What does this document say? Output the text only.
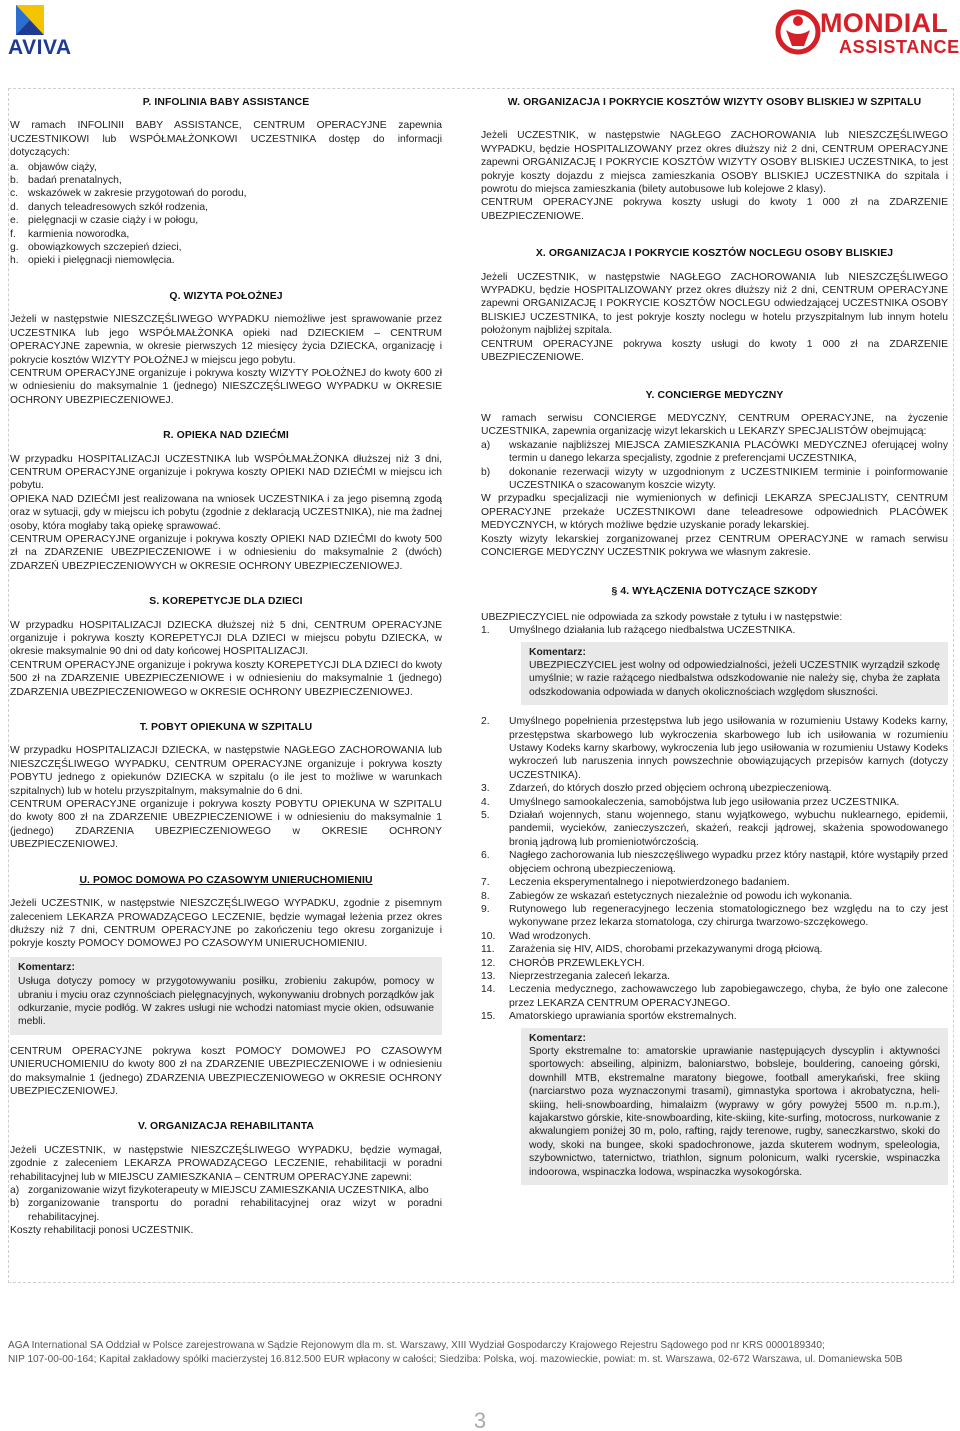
AVIVA
MONDIAL
ASSISTANCE
P. INFOLINIA BABY ASSISTANCE

W ramach INFOLINII BABY ASSISTANCE, CENTRUM OPERACYJNE zapewnia UCZESTNIKOWI lub WSPÓŁMAŁŻONKOWI UCZESTNIKA dostęp do informacji dotyczących:

a. objawów ciąży,
b. badań prenatalnych,
c. wskazówek w zakresie przygotowań do porodu,
d. danych teleadresowych szkół rodzenia,
e. pielęgnacji w czasie ciąży i w połogu,
f.	karmienia noworodka,
g. obowiązkowych szczepień dzieci,
h. opieki i pielęgnacji niemowlęcia.
Q. WIZYTA POŁOŻNEJ

Jeżeli w następstwie NIESZCZĘŚLIWEGO WYPADKU niemożliwe jest sprawowanie przez UCZESTNIKA lub jego WSPÓŁMAŁŻONKA opieki nad DZIECKIEM – CENTRUM OPERACYJNE zapewnia, w okresie pierwszych 12 miesięcy życia DZIECKA, organizację i pokrycie kosztów WIZYTY POŁOŻNEJ w miejscu jego pobytu.

CENTRUM OPERACYJNE organizuje i pokrywa koszty WIZYTY POŁOŻNEJ do kwoty 600 zł w odniesieniu do maksymalnie 1 (jednego) NIESZCZĘŚLIWEGO WYPADKU w OKRESIE OCHRONY UBEZPIECZENIOWEJ.

R. OPIEKA NAD DZIEĆMI

W przypadku HOSPITALIZACJI UCZESTNIKA lub WSPÓŁMAŁŻONKA dłuższej niż 3 dni, CENTRUM OPERACYJNE organizuje i pokrywa koszty OPIEKI NAD DZIEĆMI w miejscu ich pobytu.

OPIEKA NAD DZIEĆMI jest realizowana na wniosek UCZESTNIKA i za jego pisemną zgodą oraz w sytuacji, gdy w miejscu ich pobytu (zgodnie z deklaracją UCZESTNIKA), nie ma żadnej osoby, która mogłaby taką opiekę sprawować.

CENTRUM OPERACYJNE organizuje i pokrywa koszty OPIEKI NAD DZIEĆMI do kwoty 500 zł na ZDARZENIE UBEZPIECZENIOWE i w odniesieniu do maksymalnie 2 (dwóch) ZDARZEŃ UBEZPIECZENIOWYCH w OKRESIE OCHRONY UBEZPIECZENIOWEJ.

S. KOREPETYCJE DLA DZIECI

W przypadku HOSPITALIZACJI DZIECKA dłuższej niż 5 dni, CENTRUM OPERACYJNE organizuje i pokrywa koszty KOREPETYCJI DLA DZIECI w miejscu pobytu DZIECKA, w okresie maksymalnie 90 dni od daty końcowej HOSPITALIZACJI.

CENTRUM OPERACYJNE organizuje i pokrywa koszty KOREPETYCJI DLA DZIECI do kwoty 500 zł na ZDARZENIE UBEZPIECZENIOWE i w odniesieniu do maksymalnie 1 (jednego) ZDARZENIA UBEZPIECZENIOWEGO w OKRESIE OCHRONY UBEZPIECZENIOWEJ.

T. POBYT OPIEKUNA W SZPITALU

W przypadku HOSPITALIZACJI DZIECKA, w następstwie NAGŁEGO ZACHOROWANIA lub NIESZCZĘŚLIWEGO WYPADKU, CENTRUM OPERACYJNE organizuje i pokrywa koszty POBYTU jednego z opiekunów DZIECKA w szpitalu (o ile jest to możliwe w warunkach szpitalnych) lub w hotelu przyszpitalnym, maksymalnie do 6 dni.

CENTRUM OPERACYJNE organizuje i pokrywa koszty POBYTU OPIEKUNA W SZPITALU do kwoty 800 zł na ZDARZENIE UBEZPIECZENIOWE i w odniesieniu do maksymalnie 1 (jednego) ZDARZENIA UBEZPIECZENIOWEGO w OKRESIE OCHRONY UBEZPIECZENIOWEJ.

U. POMOC DOMOWA PO CZASOWYM UNIERUCHOMIENIU

Jeżeli UCZESTNIK, w następstwie NIESZCZĘŚLIWEGO WYPADKU, zgodnie z pisemnym zaleceniem LEKARZA PROWADZĄCEGO LECZENIE, będzie wymagał leżenia przez okres dłuższy niż 7 dni, CENTRUM OPERACYJNE po zakończeniu tego okresu zorganizuje i pokryje koszty POMOCY DOMOWEJ PO CZASOWYM UNIERUCHOMIENIU.

Komentarz:

Usługa dotyczy pomocy w przygotowywaniu posiłku, zrobieniu zakupów, pomocy w ubraniu i myciu oraz czynnościach pielęgnacyjnych, wykonywaniu drobnych porządków jak odkurzanie, mycie podłóg. W zakres usługi nie wchodzi natomiast mycie okien, odsuwanie mebli.

CENTRUM OPERACYJNE pokrywa koszt POMOCY DOMOWEJ PO CZASOWYM UNIERUCHOMIENIU do kwoty 800 zł na ZDARZENIE UBEZPIECZENIOWE i w odniesieniu do maksymalnie 1 (jednego) ZDARZENIA UBEZPIECZENIOWEGO w OKRESIE OCHRONY UBEZPIECZENIOWEJ.

V. ORGANIZACJA REHABILITANTA

Jeżeli UCZESTNIK, w następstwie NIESZCZĘŚLIWEGO WYPADKU, będzie wymagał, zgodnie z zaleceniem LEKARZA PROWADZĄCEGO LECZENIE, rehabilitacji w poradni rehabilitacyjnej lub w MIEJSCU ZAMIESZKANIA – CENTRUM OPERACYJNE zapewni:

a) zorganizowanie wizyt fizykoterapeuty w MIEJSCU ZAMIESZKANIA UCZESTNIKA, albo
b) zorganizowanie transportu do poradni rehabilitacyjnej oraz wizyt w poradni rehabilitacyjnej.

Koszty rehabilitacji ponosi UCZESTNIK.

W. ORGANIZACJA I POKRYCIE KOSZTÓW WIZYTY OSOBY BLISKIEJ W SZPITALU

Jeżeli UCZESTNIK, w następstwie NAGŁEGO ZACHOROWANIA lub NIESZCZĘŚLIWEGO WYPADKU, będzie HOSPITALIZOWANY przez okres dłuższy niż 2 dni, CENTRUM OPERACYJNE zapewni ORGANIZACJĘ I POKRYCIE KOSZTÓW WIZYTY OSOBY BLISKIEJ UCZESTNIKA, to jest pokryje koszty dojazdu z miejsca zamieszkania OSOBY BLISKIEJ UCZESTNIKA do szpitala i powrotu do miejsca zamieszkania (bilety autobusowe lub kolejowe 2 klasy).

CENTRUM OPERACYJNE pokrywa koszty usługi do kwoty 1 000 zł na ZDARZENIE UBEZPIECZENIOWE.

X. ORGANIZACJA I POKRYCIE KOSZTÓW NOCLEGU OSOBY BLISKIEJ

Jeżeli UCZESTNIK, w następstwie NAGŁEGO ZACHOROWANIA lub NIESZCZĘŚLIWEGO WYPADKU, będzie HOSPITALIZOWANY przez okres dłuższy niż 2 dni, CENTRUM OPERACYJNE zapewni ORGANIZACJĘ I POKRYCIE KOSZTÓW NOCLEGU odwiedzającej UCZESTNIKA OSOBY BLISKIEJ UCZESTNIKA, to jest pokryje koszty noclegu w hotelu przyszpitalnym lub innym hotelu położonym najbliżej szpitala.

CENTRUM OPERACYJNE pokrywa koszty usługi do kwoty 1 000 zł na ZDARZENIE UBEZPIECZENIOWE.

Y. CONCIERGE MEDYCZNY

W ramach serwisu CONCIERGE MEDYCZNY, CENTRUM OPERACYJNE, na życzenie UCZESTNIKA, zapewnia organizację wizyt lekarskich u LEKARZY SPECJALISTÓW obejmującą:

a)	wskazanie najbliższej MIEJSCA ZAMIESZKANIA PLACÓWKI MEDYCZNEJ oferującej wolny termin u danego lekarza specjalisty, zgodnie z preferencjami UCZESTNIKA,
b)	dokonanie rezerwacji wizyty w uzgodnionym z UCZESTNIKIEM terminie i poinformowanie UCZESTNIKA o szacowanym koszcie wizyty.

W przypadku specjalizacji nie wymienionych w definicji LEKARZA SPECJALISTY, CENTRUM OPERACYJNE przekaże UCZESTNIKOWI dane teleadresowe odpowiednich PLACÓWEK MEDYCZNYCH, w których możliwe będzie uzyskanie porady lekarskiej.

Koszty wizyty lekarskiej zorganizowanej przez CENTRUM OPERACYJNE w ramach serwisu CONCIERGE MEDYCZNY UCZESTNIK pokrywa we własnym zakresie.

§ 4. WYŁĄCZENIA DOTYCZĄCE SZKODY

UBEZPIECZYCIEL nie odpowiada za szkody powstałe z tytułu i w następstwie:

1.	Umyślnego działania lub rażącego niedbalstwa UCZESTNIKA.
Komentarz:

UBEZPIECZYCIEL jest wolny od odpowiedzialności, jeżeli UCZESTNIK wyrządził szkodę umyślnie; w razie rażącego niedbalstwa odszkodowanie nie należy się, chyba że zapłata odszkodowania odpowiada w danych okolicznościach względom słuszności.

2.	Umyślnego popełnienia przestępstwa lub jego usiłowania w rozumieniu Ustawy Kodeks karny, przestępstwa skarbowego lub wykroczenia skarbowego lub ich usiłowania w rozumieniu Ustawy Kodeks karny skarbowy, wykroczenia lub jego usiłowania w rozumieniu Ustawy Kodeks wykroczeń lub naruszenia innych powszechnie obowiązujących przepisów karnych (dotyczy UCZESTNIKA).
3.	Zdarzeń, do których doszło przed objęciem ochroną ubezpieczeniową.
4.	Umyślnego samookaleczenia, samobójstwa lub jego usiłowania przez UCZESTNIKA.
5.	Działań wojennych, stanu wojennego, stanu wyjątkowego, wybuchu nuklearnego, epidemii, pandemii, wycieków, zanieczyszczeń, skażeń, reakcji jądrowej, skażenia spowodowanego bronią jądrową lub promieniotwórczością.
6.	Nagłego zachorowania lub nieszczęśliwego wypadku przez który nastąpił, które wystąpiły przed objęciem ochroną ubezpieczeniową.
7.	Leczenia eksperymentalnego i niepotwierdzonego badaniem.
8.	Zabiegów ze wskazań estetycznych niezależnie od powodu ich wykonania.
9.	Rutynowego lub regeneracyjnego leczenia stomatologicznego bez względu na to czy jest wykonywane przez lekarza stomatologa, czy chirurga twarzowo-szczękowego.
10.	Wad wrodzonych.
11.	Zarażenia się HIV, AIDS, chorobami przekazywanymi drogą płciową.
12.	CHORÓB PRZEWLEKŁYCH.
13.	Nieprzestrzegania zaleceń lekarza.
14.	Leczenia medycznego, zachowawczego lub zapobiegawczego, chyba, że było one zalecone przez LEKARZA CENTRUM OPERACYJNEGO.
15.	Amatorskiego uprawiania sportów ekstremalnych.
Komentarz:

Sporty ekstremalne to: amatorskie uprawianie następujących dyscyplin i aktywności sportowych: abseiling, alpinizm, baloniarstwo, bobsleje, bouldering, canoeing górski, downhill MTB, ekstremalne maratony biegowe, football amerykański, free skiing (narciarstwo poza wyznaczonymi trasami), gimnastyka sportowa i akrobatyczna, heli-skiing, heli-snowboarding, himalaizm (wyprawy w góry powyżej 5500 m. n.p.m.), kajakarstwo górskie, kite-snowboarding, kite-skiing, kite-surfing, motocross, nurkowanie z akwalungiem poniżej 30 m, polo, rafting, rajdy terenowe, rugby, saneczkarstwo, skoki do wody, skoki na bungee, skoki spadochronowe, jazda skuterem wodnym, speleologia, szybownictwo, taternictwo, triathlon, signum polonicum, walki rycerskie, wspinaczka indoorowa, wspinaczka lodowa, wspinaczka wysokogórska.

AGA International SA Oddział w Polsce zarejestrowana w Sądzie Rejonowym dla m. st. Warszawy, XIII Wydział Gospodarczy Krajowego Rejestru Sądowego pod nr KRS 0000189340;
NIP 107-00-00-164; Kapitał zakładowy spółki macierzystej 16.812.500 EUR wpłacony w całości; Siedziba: Polska, woj. mazowieckie, powiat: m. st. Warszawa, 02-672 Warszawa, ul. Domaniewska 50B
3
